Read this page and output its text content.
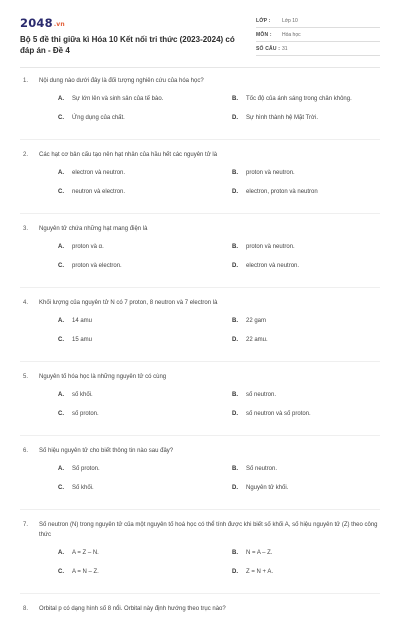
2048.vn
Bộ 5 đề thi giữa kì Hóa 10 Kết nối tri thức (2023-2024) có đáp án - Đề 4
LỚP : Lớp 10
MÔN : Hóa học
SỐ CÂU : 31
1. Nội dung nào dưới đây là đối tượng nghiên cứu của hóa học?
A. Sự lớn lên và sinh sản của tế bào.	B. Tốc độ của ánh sáng trong chân không.
C. Ứng dụng của chất.	D. Sự hình thành hệ Mặt Trời.
2. Các hạt cơ bản cấu tạo nên hạt nhân của hầu hết các nguyên tử là
A. electron và neutron.	B. proton và neutron.
C. neutron và electron.	D. electron, proton và neutron
3. Nguyên tử chứa những hạt mang điện là
A. proton và α.	B. proton và neutron.
C. proton và electron.	D. electron và neutron.
4. Khối lượng của nguyên tử N có 7 proton, 8 neutron và 7 electron là
A. 14 amu	B. 22 gam
C. 15 amu	D. 22 amu.
5. Nguyên tố hóa học là những nguyên tử có cùng
A. số khối.	B. số neutron.
C. số proton.	D. số neutron và số proton.
6. Số hiệu nguyên tử cho biết thông tin nào sau đây?
A. Số proton.	B. Số neutron.
C. Số khối.	D. Nguyên tử khối.
7. Số neutron (N) trong nguyên tử của một nguyên tố hoá học có thể tính được khi biết số khối A, số hiệu nguyên tử (Z) theo công thức
A. A = Z – N.	B. N = A – Z.
C. A = N – Z.	D. Z = N + A.
8. Orbital p có dạng hình số 8 nổi. Orbital này định hướng theo trục nào?
